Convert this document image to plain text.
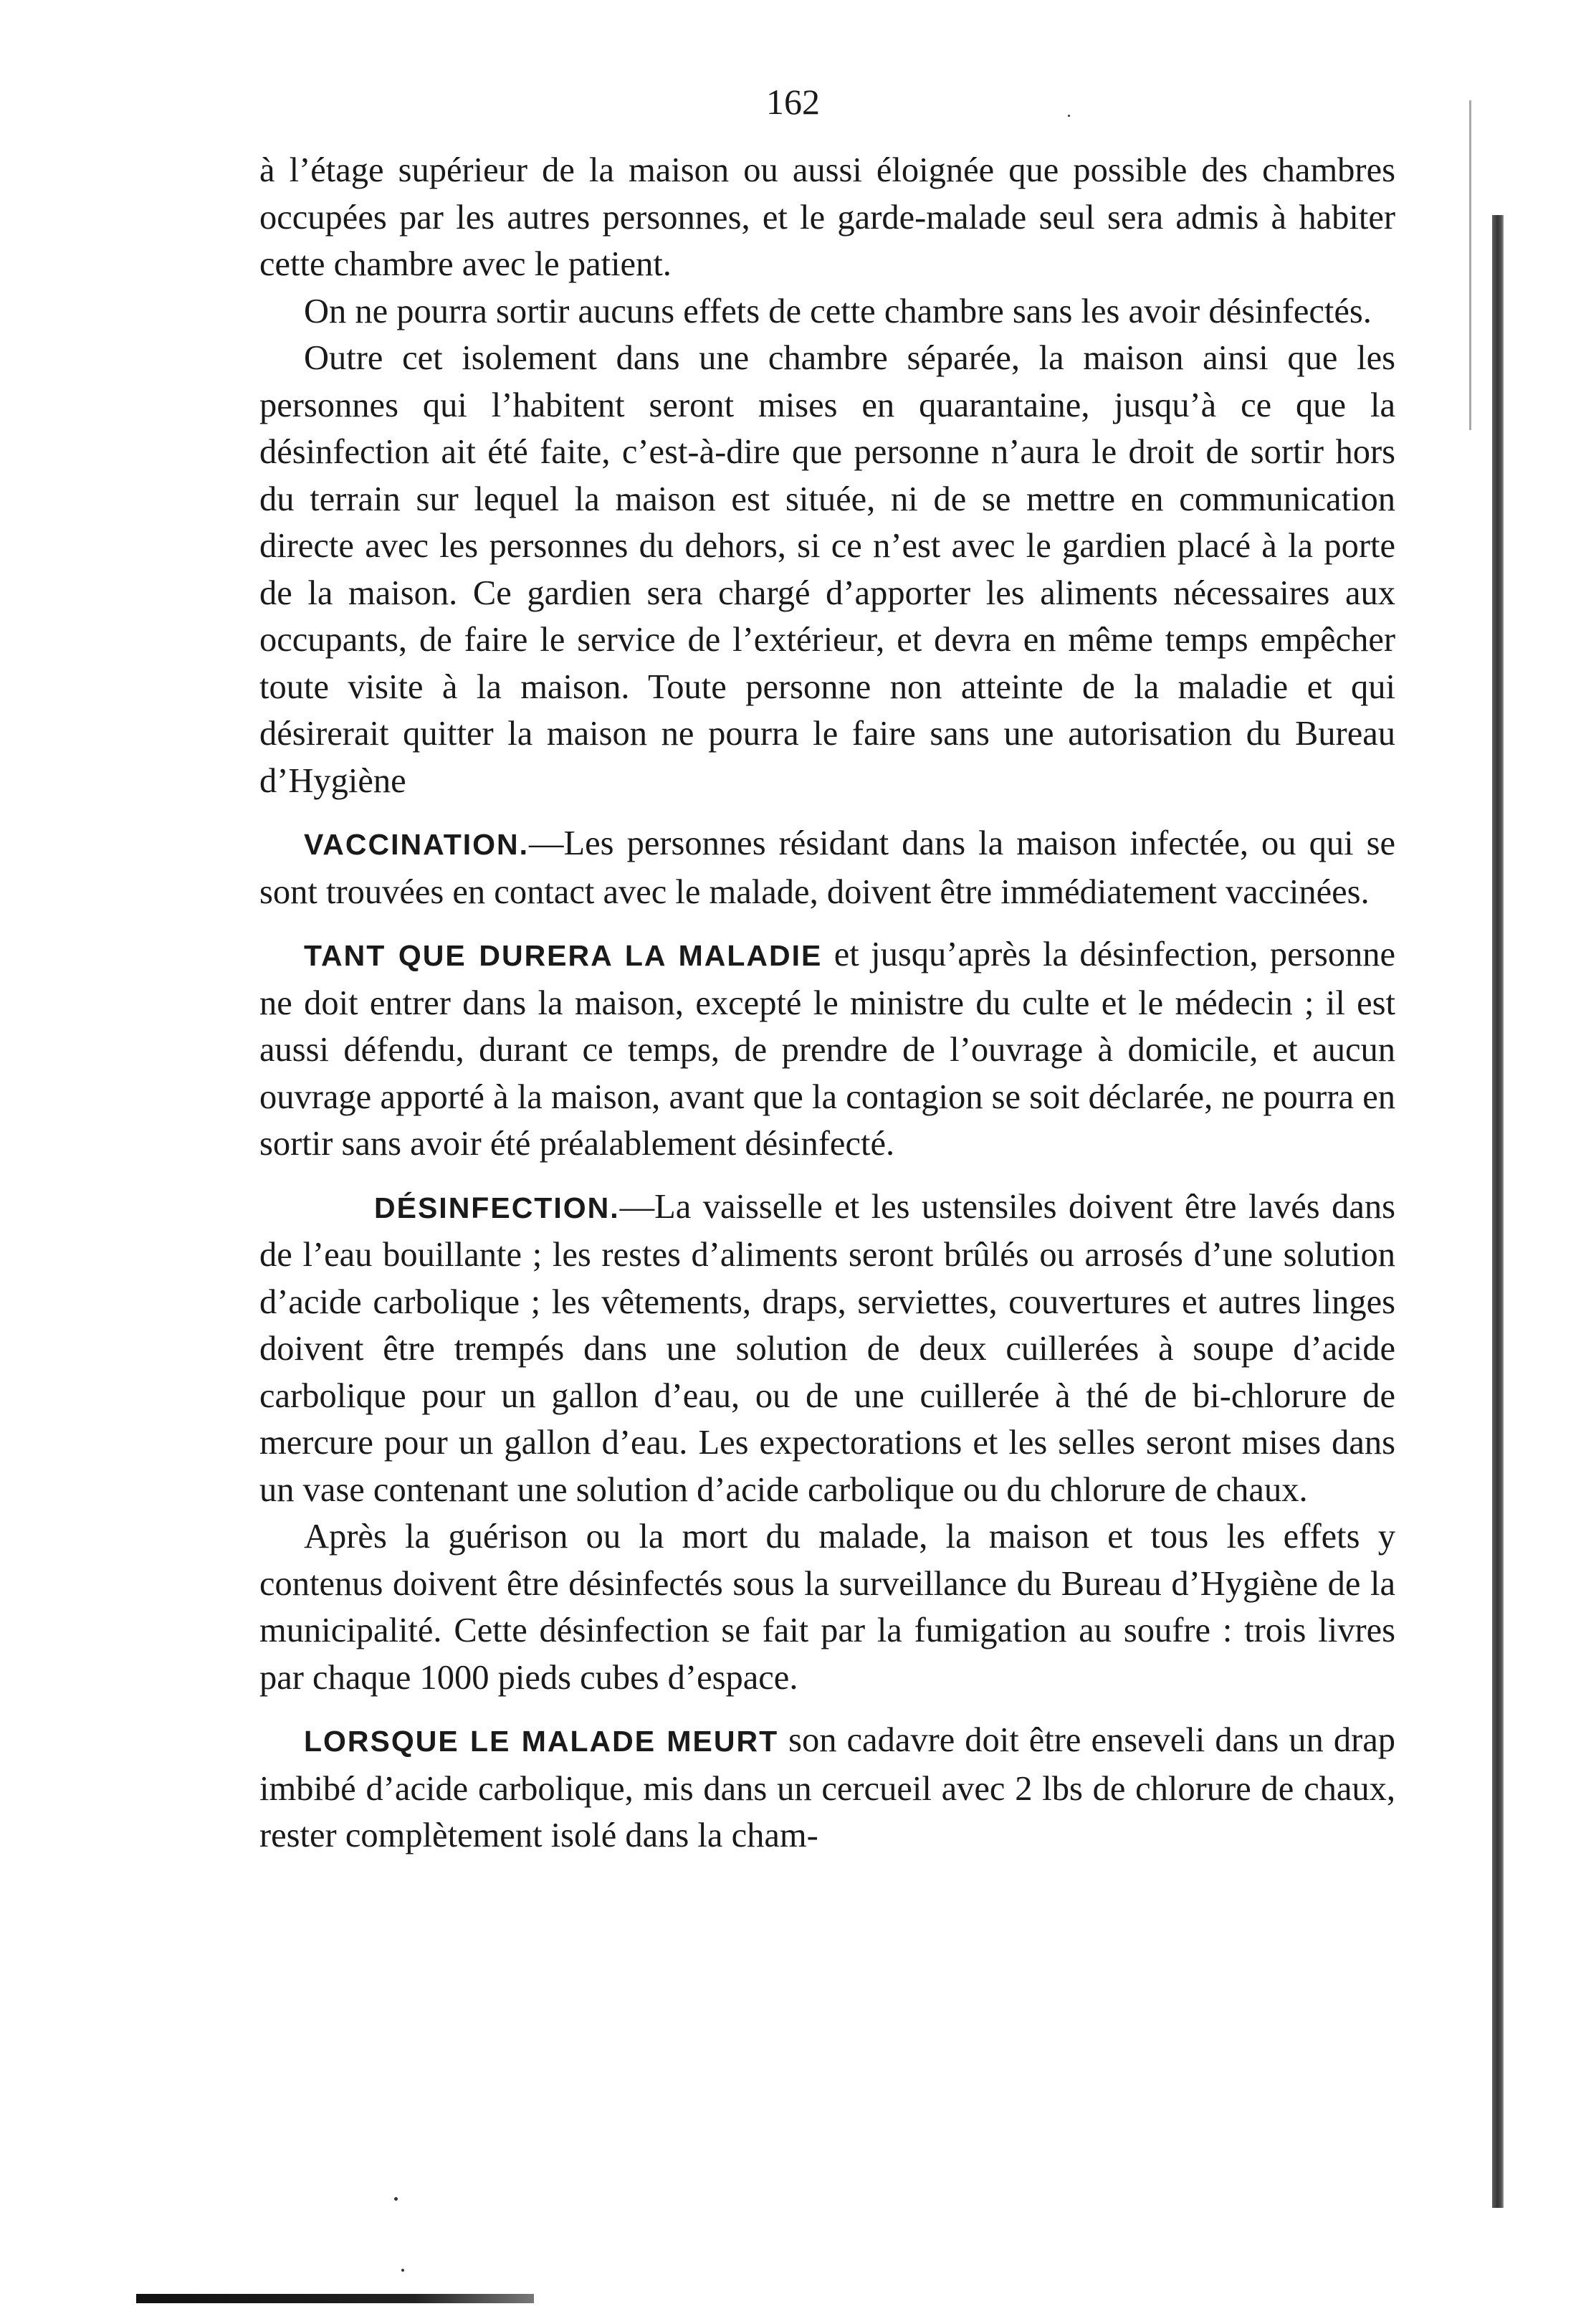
162

à l’étage supérieur de la maison ou aussi éloignée que possible des chambres occupées par les autres personnes, et le garde-malade seul sera admis à habiter cette chambre avec le patient.

On ne pourra sortir aucuns effets de cette chambre sans les avoir désinfectés.

Outre cet isolement dans une chambre séparée, la maison ainsi que les personnes qui l’habitent seront mises en quarantaine, jusqu’à ce que la désinfection ait été faite, c’est-à-dire que personne n’aura le droit de sortir hors du terrain sur lequel la maison est située, ni de se mettre en communication directe avec les personnes du dehors, si ce n’est avec le gardien placé à la porte de la maison. Ce gardien sera chargé d’apporter les aliments nécessaires aux occupants, de faire le service de l’extérieur, et devra en même temps empêcher toute visite à la maison. Toute personne non atteinte de la maladie et qui désirerait quitter la maison ne pourra le faire sans une autorisation du Bureau d’Hygiène

VACCINATION.—Les personnes résidant dans la maison infectée, ou qui se sont trouvées en contact avec le malade, doivent être immédiatement vaccinées.

TANT QUE DURERA LA MALADIE et jusqu’après la désinfection, personne ne doit entrer dans la maison, excepté le ministre du culte et le médecin ; il est aussi défendu, durant ce temps, de prendre de l’ouvrage à domicile, et aucun ouvrage apporté à la maison, avant que la contagion se soit déclarée, ne pourra en sortir sans avoir été préalablement désinfecté.

DÉSINFECTION.—La vaisselle et les ustensiles doivent être lavés dans de l’eau bouillante ; les restes d’aliments seront brûlés ou arrosés d’une solution d’acide carbolique ; les vêtements, draps, serviettes, couvertures et autres linges doivent être trempés dans une solution de deux cuillerées à soupe d’acide carbolique pour un gallon d’eau, ou de une cuillerée à thé de bi-chlorure de mercure pour un gallon d’eau. Les expectorations et les selles seront mises dans un vase contenant une solution d’acide carbolique ou du chlorure de chaux.

Après la guérison ou la mort du malade, la maison et tous les effets y contenus doivent être désinfectés sous la surveillance du Bureau d’Hygiène de la municipalité. Cette désinfection se fait par la fumigation au soufre : trois livres par chaque 1000 pieds cubes d’espace.

LORSQUE LE MALADE MEURT son cadavre doit être enseveli dans un drap imbibé d’acide carbolique, mis dans un cercueil avec 2 lbs de chlorure de chaux, rester complètement isolé dans la cham-
